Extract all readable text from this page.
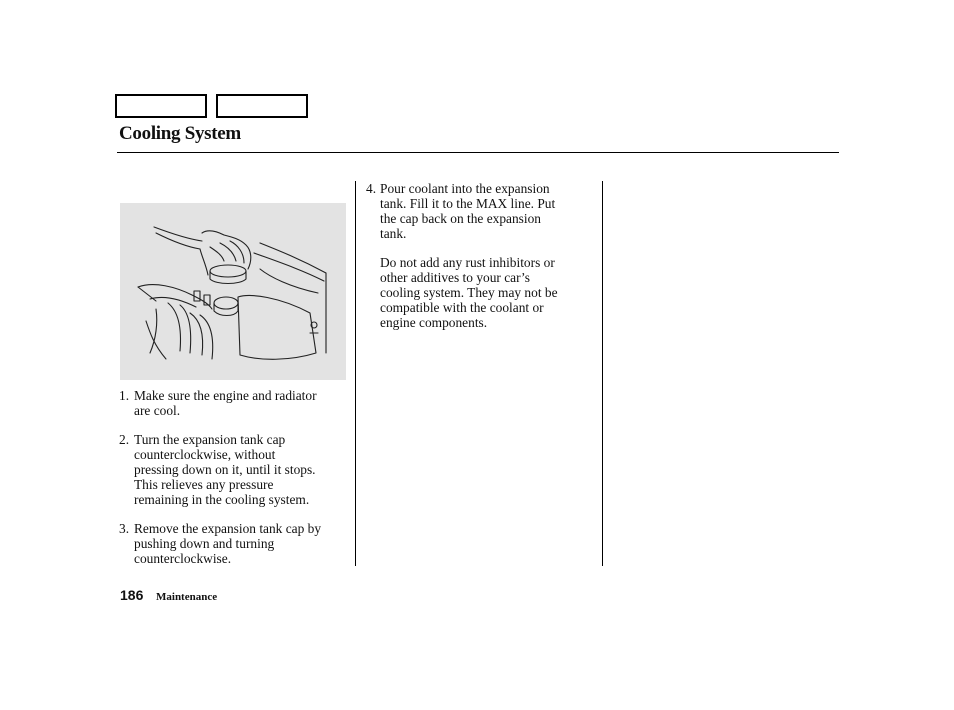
Cooling System
1. Make sure the engine and radiator
are cool.
2. Turn the expansion tank cap
counterclockwise, without
pressing down on it, until it stops.
This relieves any pressure
remaining in the cooling system.
3. Remove the expansion tank cap by
pushing down and turning
counterclockwise.
4. Pour coolant into the expansion
tank. Fill it to the MAX line. Put
the cap back on the expansion
tank.
Do not add any rust inhibitors or
other additives to your car’s
cooling system. They may not be
compatible with the coolant or
engine components.
186 Maintenance
